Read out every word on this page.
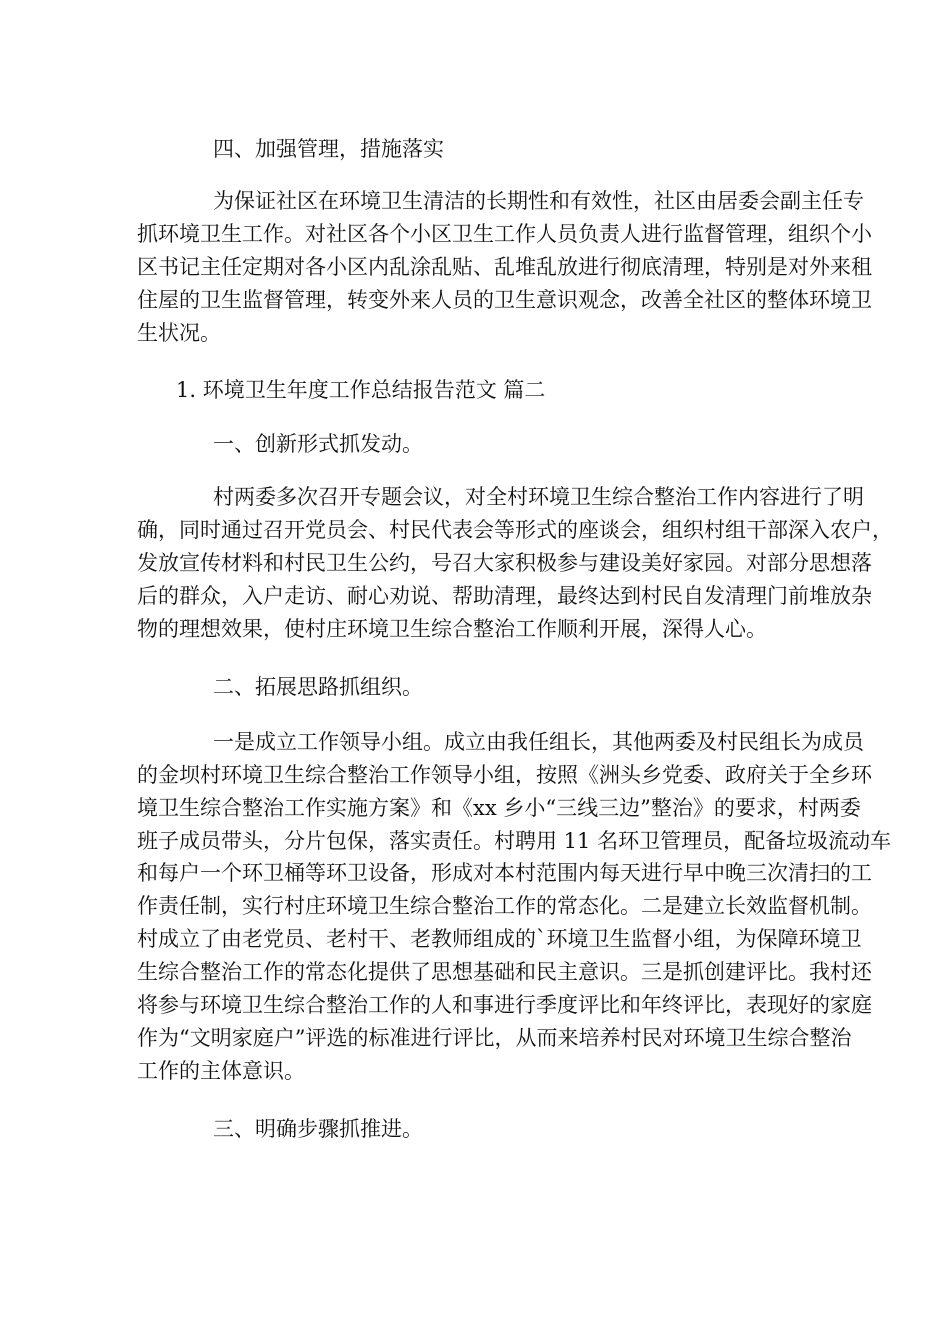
四、加强管理，措施落实

为保证社区在环境卫生清洁的长期性和有效性，社区由居委会副主任专

抓环境卫生工作。对社区各个小区卫生工作人员负责人进行监督管理，组织个小

区书记主任定期对各小区内乱涂乱贴、乱堆乱放进行彻底清理，特别是对外来租

住屋的卫生监督管理，转变外来人员的卫生意识观念，改善全社区的整体环境卫

生状况。

1. 环境卫生年度工作总结报告范文 篇二

一、创新形式抓发动。

村两委多次召开专题会议，对全村环境卫生综合整治工作内容进行了明

确，同时通过召开党员会、村民代表会等形式的座谈会，组织村组干部深入农户，

发放宣传材料和村民卫生公约，号召大家积极参与建设美好家园。对部分思想落

后的群众，入户走访、耐心劝说、帮助清理，最终达到村民自发清理门前堆放杂

物的理想效果，使村庄环境卫生综合整治工作顺利开展，深得人心。

二、拓展思路抓组织。

一是成立工作领导小组。成立由我任组长，其他两委及村民组长为成员

的金坝村环境卫生综合整治工作领导小组，按照《洲头乡党委、政府关于全乡环

境卫生综合整治工作实施方案》和《xx 乡小“三线三边”整治》的要求，村两委

班子成员带头，分片包保，落实责任。村聘用 11 名环卫管理员，配备垃圾流动车

和每户一个环卫桶等环卫设备，形成对本村范围内每天进行早中晚三次清扫的工

作责任制，实行村庄环境卫生综合整治工作的常态化。二是建立长效监督机制。

村成立了由老党员、老村干、老教师组成的`环境卫生监督小组，为保障环境卫

生综合整治工作的常态化提供了思想基础和民主意识。三是抓创建评比。我村还

将参与环境卫生综合整治工作的人和事进行季度评比和年终评比，表现好的家庭

作为“文明家庭户”评选的标准进行评比，从而来培养村民对环境卫生综合整治

工作的主体意识。

三、明确步骤抓推进。
